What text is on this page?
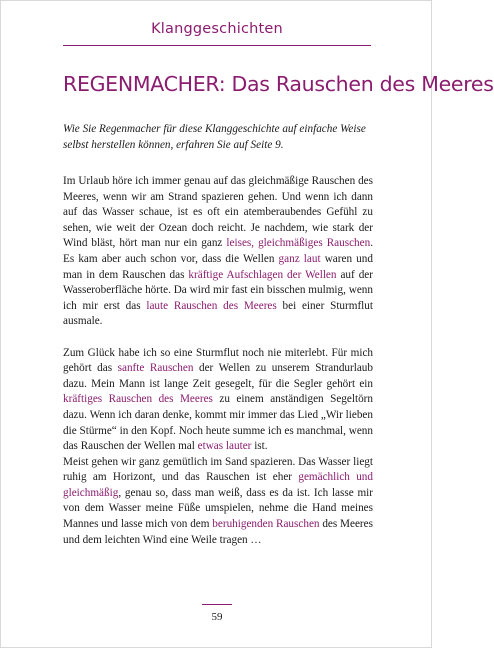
Klanggeschichten
REGENMACHER: Das Rauschen des Meeres

Wie Sie Regenmacher für diese Klanggeschichte auf einfache Weise selbst herstellen können, erfahren Sie auf Seite 9.

Im Urlaub höre ich immer genau auf das gleichmäßige Rauschen des Meeres, wenn wir am Strand spazieren gehen. Und wenn ich dann auf das Wasser schaue, ist es oft ein atemberaubendes Gefühl zu sehen, wie weit der Ozean doch reicht. Je nachdem, wie stark der Wind bläst, hört man nur ein ganz leises, gleichmäßiges Rauschen. Es kam aber auch schon vor, dass die Wellen ganz laut waren und man in dem Rauschen das kräftige Aufschlagen der Wellen auf der Wasseroberfläche hörte. Da wird mir fast ein bisschen mulmig, wenn ich mir erst das laute Rauschen des Meeres bei einer Sturmflut ausmale.

Zum Glück habe ich so eine Sturmflut noch nie miterlebt. Für mich gehört das sanfte Rauschen der Wellen zu unserem Strandurlaub dazu. Mein Mann ist lange Zeit gesegelt, für die Segler gehört ein kräftiges Rauschen des Meeres zu einem anständigen Segeltörn dazu. Wenn ich daran denke, kommt mir immer das Lied „Wir lieben die Stürme“ in den Kopf. Noch heute summe ich es manchmal, wenn das Rauschen der Wellen mal etwas lauter ist.

Meist gehen wir ganz gemütlich im Sand spazieren. Das Wasser liegt ruhig am Horizont, und das Rauschen ist eher gemächlich und gleichmäßig, genau so, dass man weiß, dass es da ist. Ich lasse mir von dem Wasser meine Füße umspielen, nehme die Hand meines Mannes und lasse mich von dem beruhigenden Rauschen des Meeres und dem leichten Wind eine Weile tragen …

59
